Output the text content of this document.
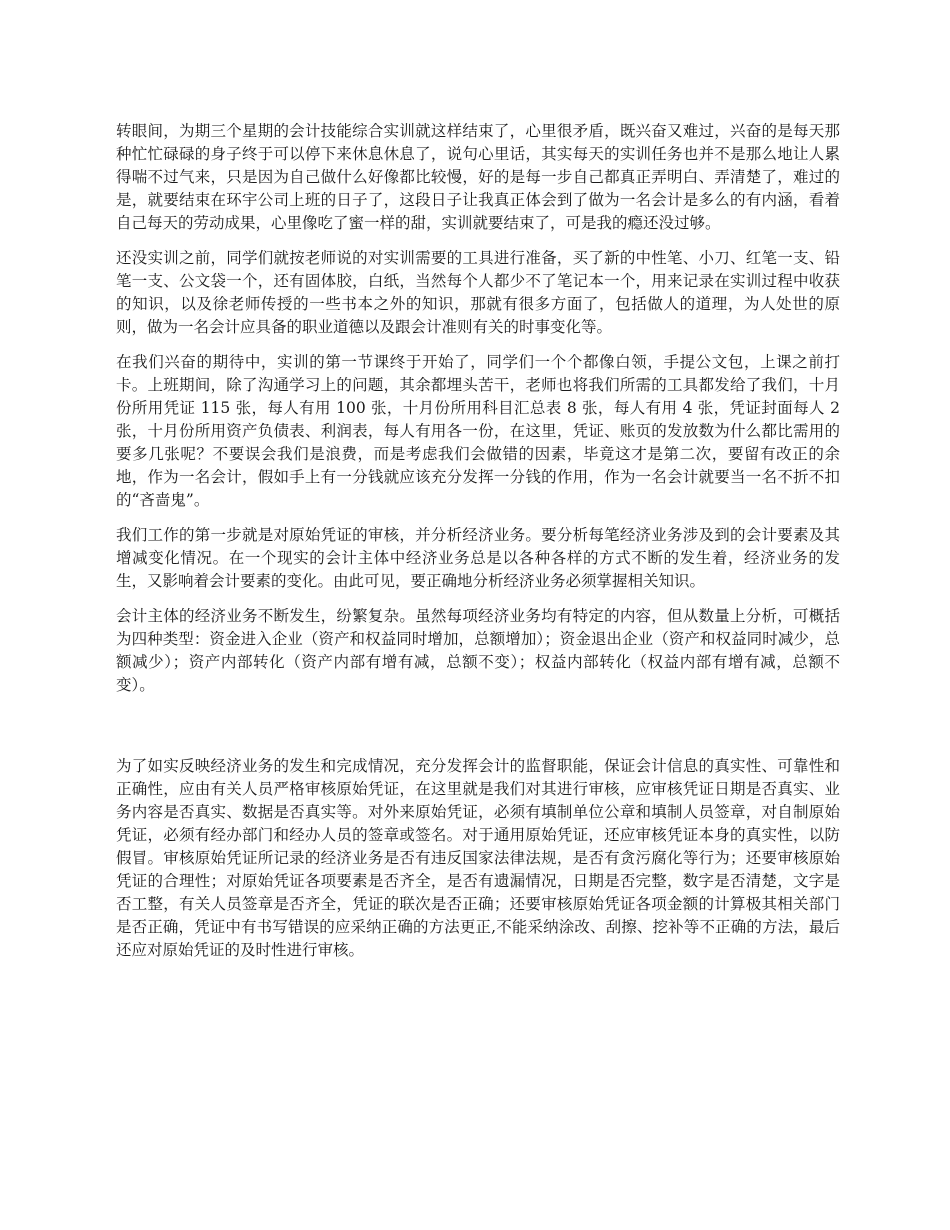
转眼间，为期三个星期的会计技能综合实训就这样结束了，心里很矛盾，既兴奋又难过，兴奋的是每天那种忙忙碌碌的身子终于可以停下来休息休息了，说句心里话，其实每天的实训任务也并不是那么地让人累得喘不过气来，只是因为自己做什么好像都比较慢，好的是每一步自己都真正弄明白、弄清楚了，难过的是，就要结束在环宇公司上班的日子了，这段日子让我真正体会到了做为一名会计是多么的有内涵，看着自己每天的劳动成果，心里像吃了蜜一样的甜，实训就要结束了，可是我的瘾还没过够。

还没实训之前，同学们就按老师说的对实训需要的工具进行准备，买了新的中性笔、小刀、红笔一支、铅笔一支、公文袋一个，还有固体胶，白纸，当然每个人都少不了笔记本一个，用来记录在实训过程中收获的知识，以及徐老师传授的一些书本之外的知识，那就有很多方面了，包括做人的道理，为人处世的原则，做为一名会计应具备的职业道德以及跟会计准则有关的时事变化等。

在我们兴奋的期待中，实训的第一节课终于开始了，同学们一个个都像白领，手提公文包，上课之前打卡。上班期间，除了沟通学习上的问题，其余都埋头苦干，老师也将我们所需的工具都发给了我们，十月份所用凭证 115 张，每人有用 100 张，十月份所用科目汇总表 8 张，每人有用 4 张，凭证封面每人 2 张，十月份所用资产负债表、利润表，每人有用各一份，在这里，凭证、账页的发放数为什么都比需用的要多几张呢？不要误会我们是浪费，而是考虑我们会做错的因素，毕竟这才是第二次，要留有改正的余地，作为一名会计，假如手上有一分钱就应该充分发挥一分钱的作用，作为一名会计就要当一名不折不扣的“吝啬鬼”。

我们工作的第一步就是对原始凭证的审核，并分析经济业务。要分析每笔经济业务涉及到的会计要素及其增减变化情况。在一个现实的会计主体中经济业务总是以各种各样的方式不断的发生着，经济业务的发生，又影响着会计要素的变化。由此可见，要正确地分析经济业务必须掌握相关知识。

会计主体的经济业务不断发生，纷繁复杂。虽然每项经济业务均有特定的内容，但从数量上分析，可概括为四种类型：资金进入企业（资产和权益同时增加，总额增加）；资金退出企业（资产和权益同时减少，总额减少）；资产内部转化（资产内部有增有减，总额不变）；权益内部转化（权益内部有增有减，总额不变）。

为了如实反映经济业务的发生和完成情况，充分发挥会计的监督职能，保证会计信息的真实性、可靠性和正确性，应由有关人员严格审核原始凭证，在这里就是我们对其进行审核，应审核凭证日期是否真实、业务内容是否真实、数据是否真实等。对外来原始凭证，必须有填制单位公章和填制人员签章，对自制原始凭证，必须有经办部门和经办人员的签章或签名。对于通用原始凭证，还应审核凭证本身的真实性，以防假冒。审核原始凭证所记录的经济业务是否有违反国家法律法规，是否有贪污腐化等行为；还要审核原始凭证的合理性；对原始凭证各项要素是否齐全，是否有遗漏情况，日期是否完整，数字是否清楚，文字是否工整，有关人员签章是否齐全，凭证的联次是否正确；还要审核原始凭证各项金额的计算极其相关部门是否正确，凭证中有书写错误的应采纳正确的方法更正,不能采纳涂改、刮擦、挖补等不正确的方法，最后还应对原始凭证的及时性进行审核。
